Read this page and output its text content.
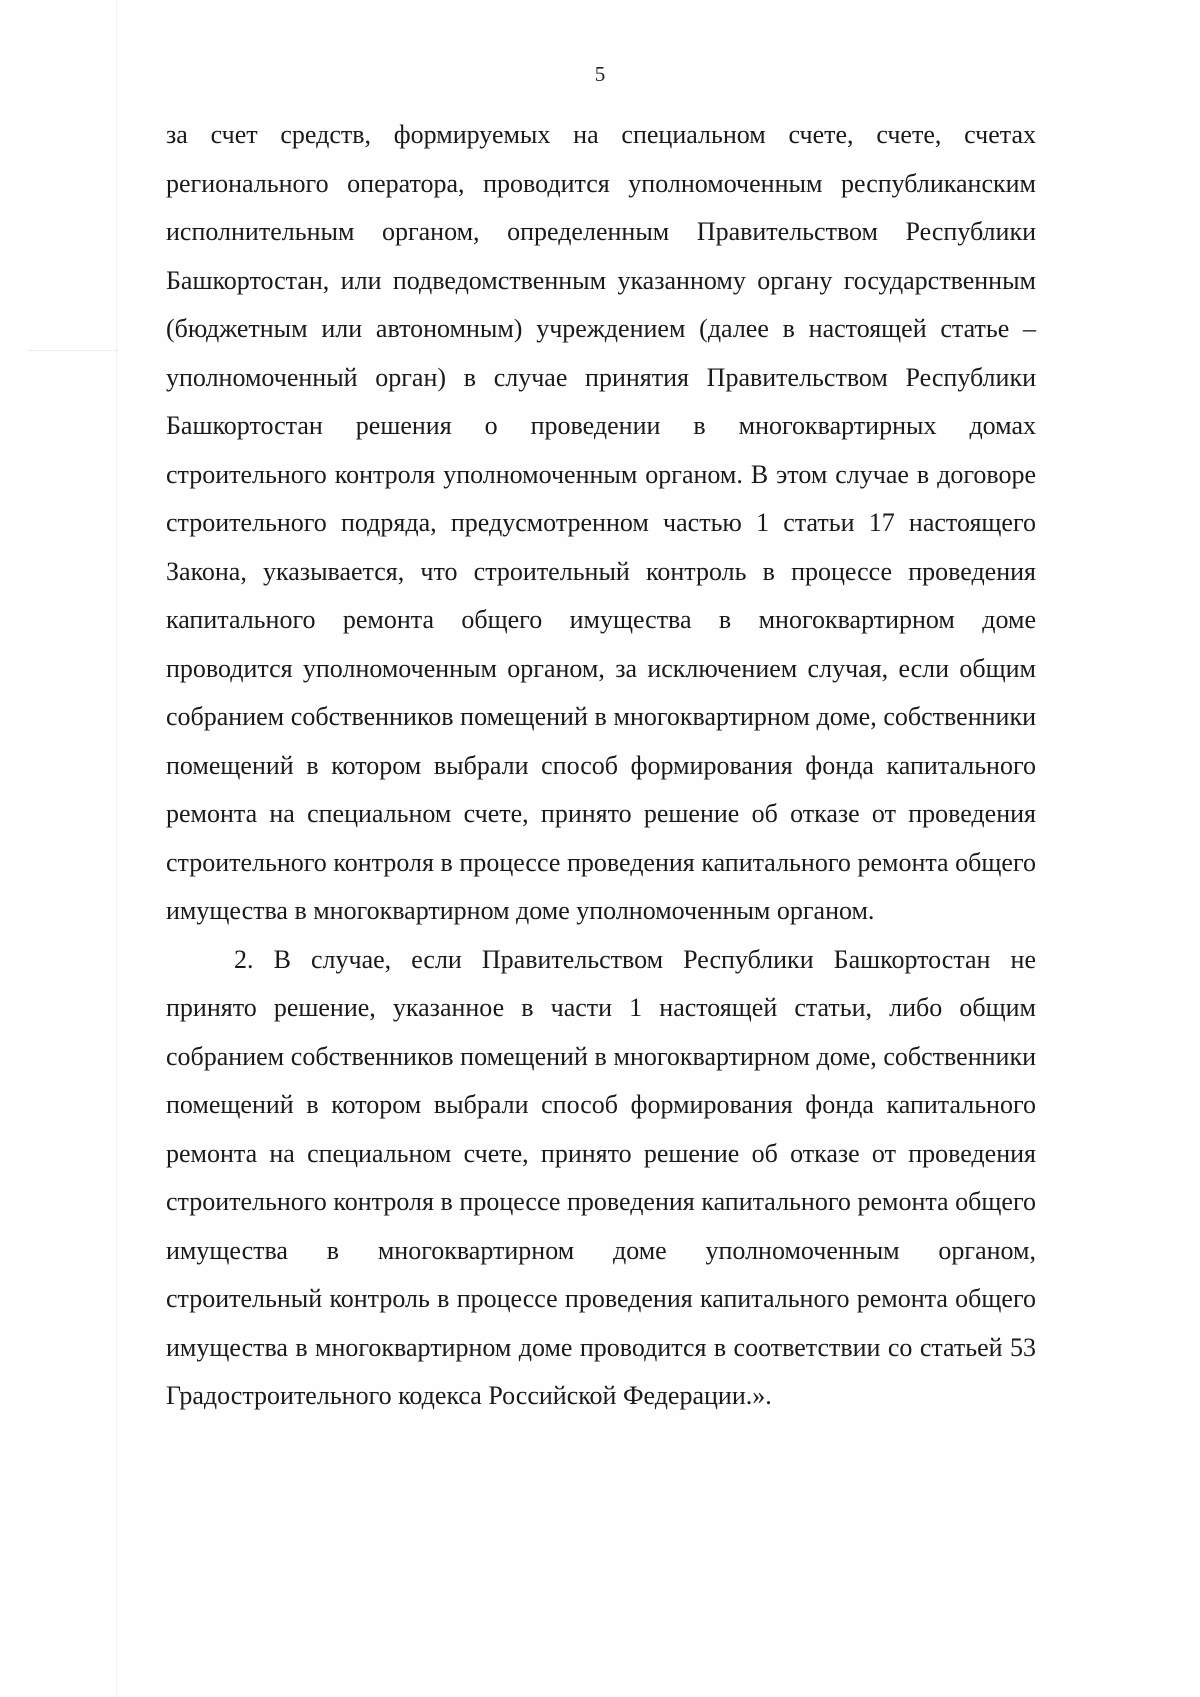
5

за счет средств, формируемых на специальном счете, счете, счетах регионального оператора, проводится уполномоченным республиканским исполнительным органом, определенным Правительством Республики Башкортостан, или подведомственным указанному органу государственным (бюджетным или автономным) учреждением (далее в настоящей статье – уполномоченный орган) в случае принятия Правительством Республики Башкортостан решения о проведении в многоквартирных домах строительного контроля уполномоченным органом. В этом случае в договоре строительного подряда, предусмотренном частью 1 статьи 17 настоящего Закона, указывается, что строительный контроль в процессе проведения капитального ремонта общего имущества в многоквартирном доме проводится уполномоченным органом, за исключением случая, если общим собранием собственников помещений в многоквартирном доме, собственники помещений в котором выбрали способ формирования фонда капитального ремонта на специальном счете, принято решение об отказе от проведения строительного контроля в процессе проведения капитального ремонта общего имущества в многоквартирном доме уполномоченным органом.

2. В случае, если Правительством Республики Башкортостан не принято решение, указанное в части 1 настоящей статьи, либо общим собранием собственников помещений в многоквартирном доме, собственники помещений в котором выбрали способ формирования фонда капитального ремонта на специальном счете, принято решение об отказе от проведения строительного контроля в процессе проведения капитального ремонта общего имущества в многоквартирном доме уполномоченным органом, строительный контроль в процессе проведения капитального ремонта общего имущества в многоквартирном доме проводится в соответствии со статьей 53 Градостроительного кодекса Российской Федерации.».
